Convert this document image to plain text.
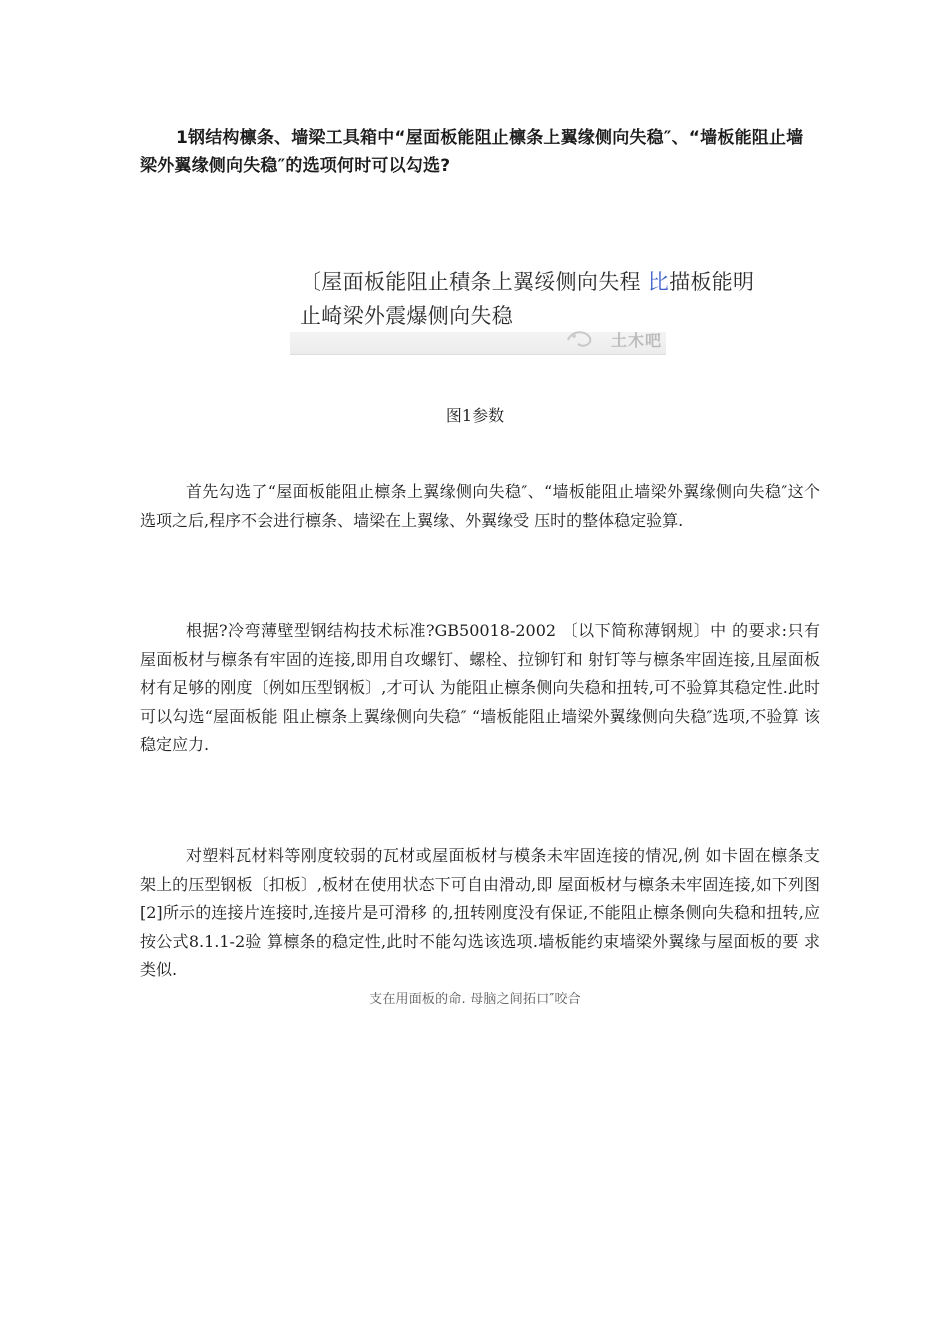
1钢结构檩条、墙梁工具箱中“屋面板能阻止檩条上翼缘侧向失稳″、“墙板能阻止墙梁外翼缘侧向失稳″的选项何时可以勾选?
〔屋面板能阻止積条上翼绥侧向失程 比描板能明
止崎梁外震爆侧向失稳
土木吧
图1参数
首先勾选了“屋面板能阻止檩条上翼缘侧向失稳″、“墙板能阻止墙梁外翼缘侧向失稳″这个选项之后,程序不会进行檩条、墙梁在上翼缘、外翼缘受 压时的整体稳定验算.
根据?冷弯薄壁型钢结构技术标准?GB50018-2002 〔以下简称薄钢规〕中 的要求:只有屋面板材与檩条有牢固的连接,即用自攻螺钉、螺栓、拉铆钉和 射钉等与檩条牢固连接,且屋面板材有足够的刚度〔例如压型钢板〕,才可认 为能阻止檩条侧向失稳和扭转,可不验算其稳定性.此时可以勾选“屋面板能 阻止檩条上翼缘侧向失稳″ “墙板能阻止墙梁外翼缘侧向失稳″选项,不验算 该稳定应力.
对塑料瓦材料等刚度较弱的瓦材或屋面板材与模条未牢固连接的情况,例 如卡固在檩条支架上的压型钢板〔扣板〕,板材在使用状态下可自由滑动,即 屋面板材与檩条未牢固连接,如下列图[2]所示的连接片连接时,连接片是可滑移 的,扭转刚度没有保证,不能阻止檩条侧向失稳和扭转,应按公式8.1.1-2验 算檩条的稳定性,此时不能勾选该选项.墙板能约束墙梁外翼缘与屋面板的要 求类似.
支在用面板的命. 母脑之间拓口″咬合
